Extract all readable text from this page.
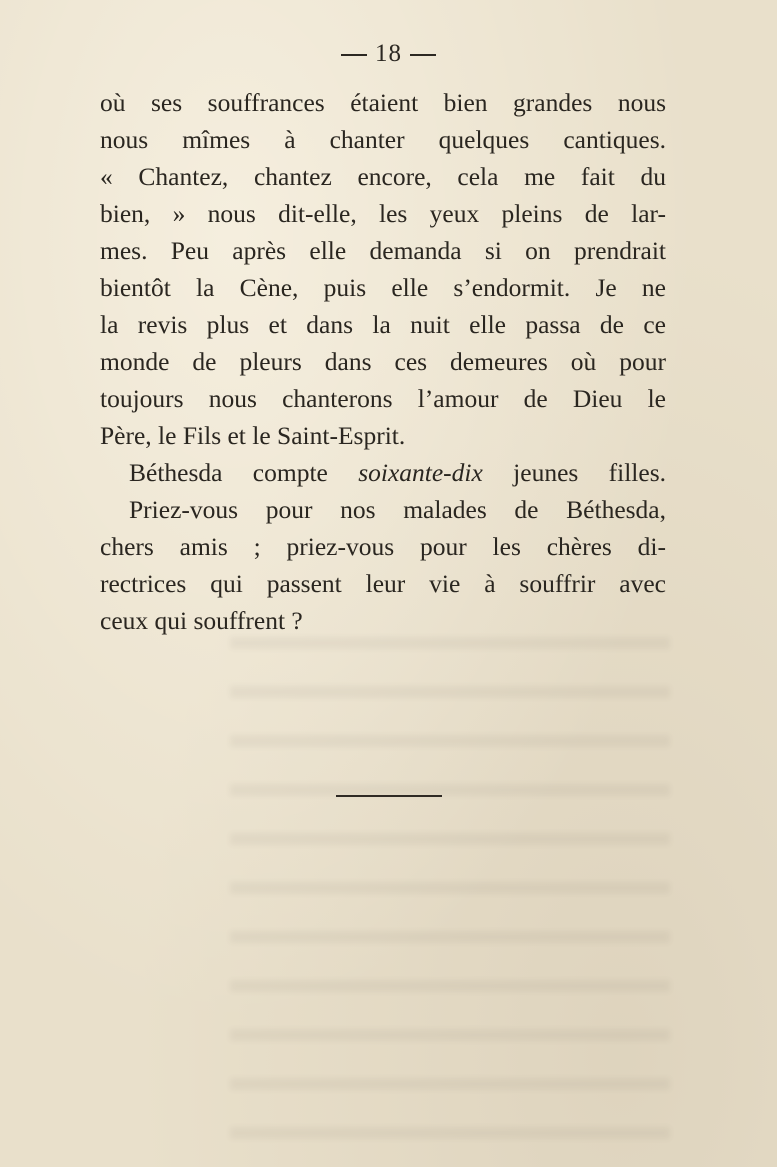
18
où ses souffrances étaient bien grandes nous
nous mîmes à chanter quelques cantiques.
« Chantez, chantez encore, cela me fait du
bien, » nous dit-elle, les yeux pleins de lar-
mes. Peu après elle demanda si on prendrait
bientôt la Cène, puis elle s’endormit. Je ne
la revis plus et dans la nuit elle passa de ce
monde de pleurs dans ces demeures où pour
toujours nous chanterons l’amour de Dieu le
Père, le Fils et le Saint-Esprit.
Béthesda compte soixante-dix jeunes filles.
Priez-vous pour nos malades de Béthesda,
chers amis ; priez-vous pour les chères di-
rectrices qui passent leur vie à souffrir avec
ceux qui souffrent ?
